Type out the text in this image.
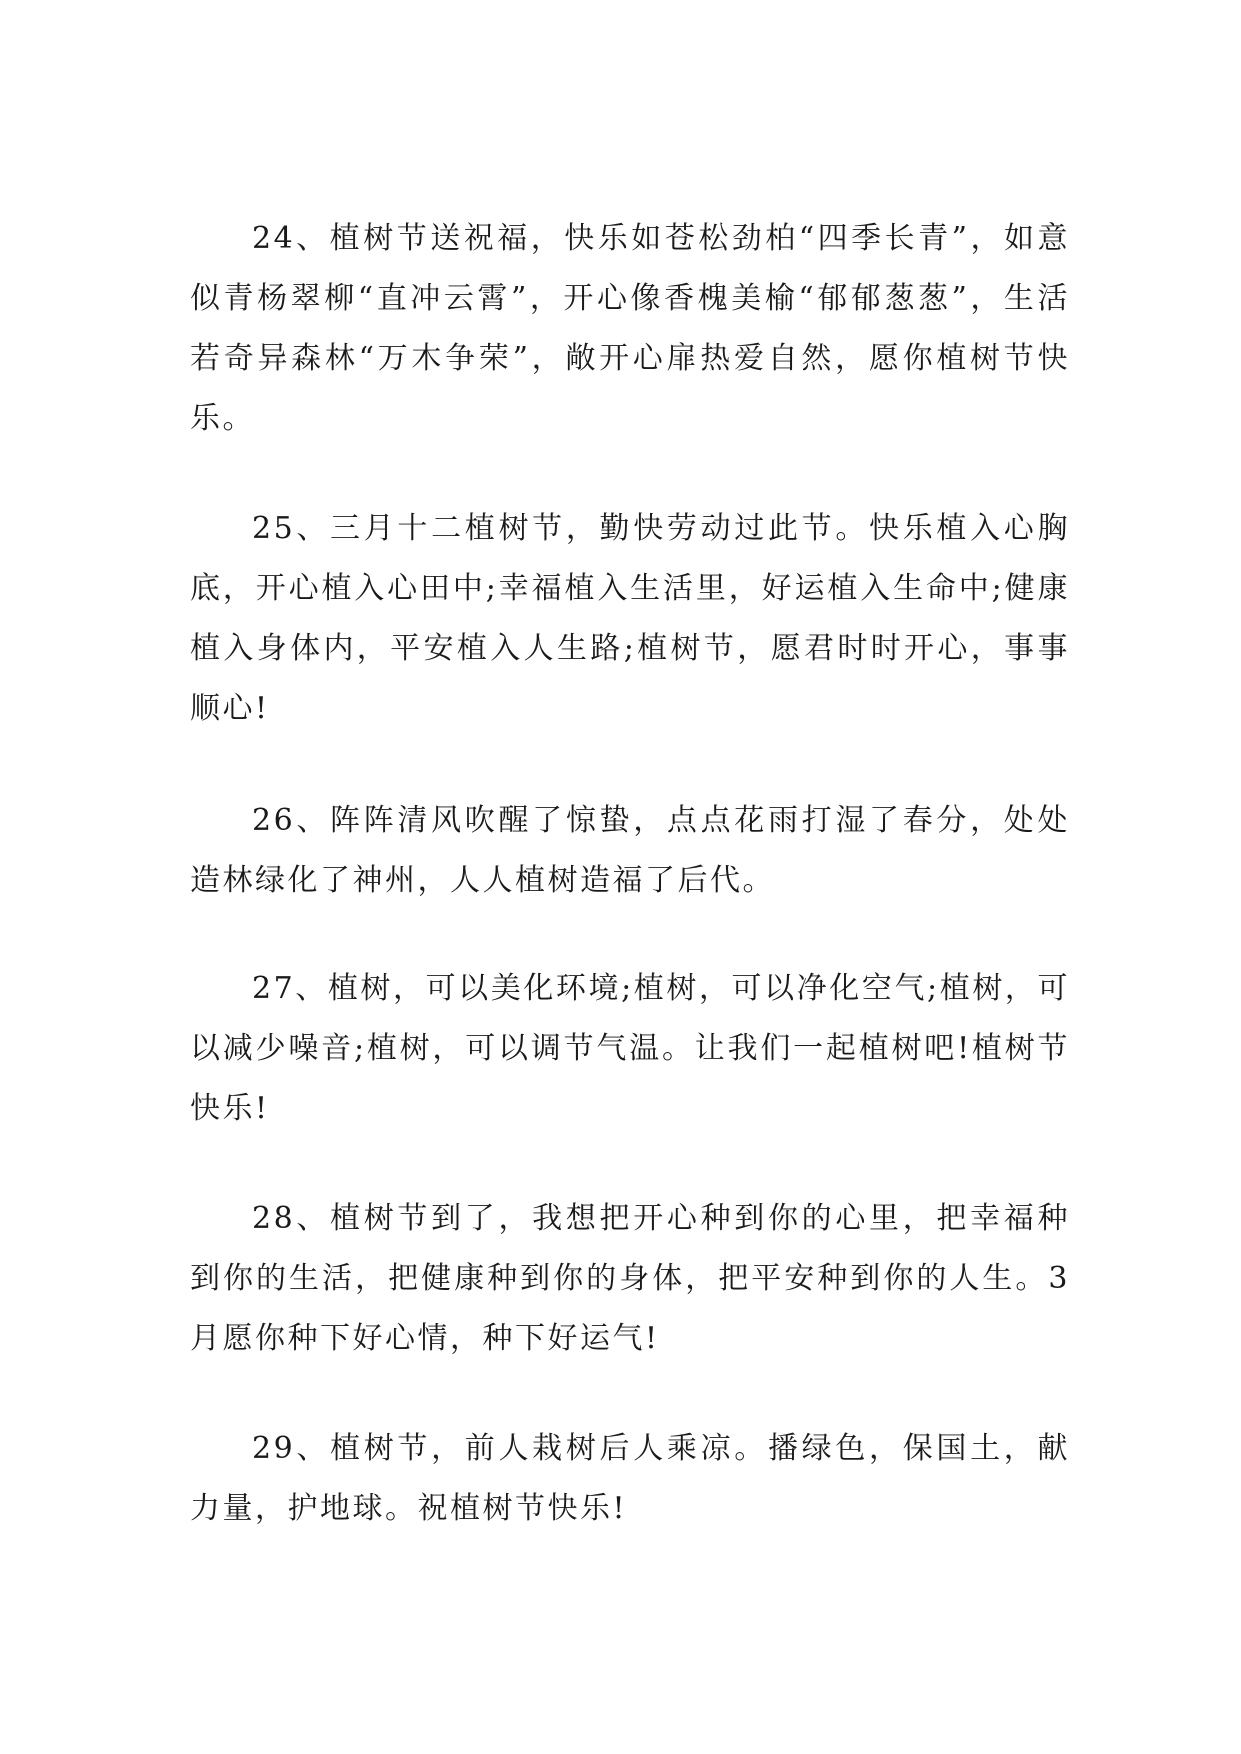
24、植树节送祝福，快乐如苍松劲柏“四季长青”，如意似青杨翠柳“直冲云霄”，开心像香槐美榆“郁郁葱葱”，生活若奇异森林“万木争荣”，敞开心扉热爱自然，愿你植树节快乐。

25、三月十二植树节，勤快劳动过此节。快乐植入心胸底，开心植入心田中;幸福植入生活里，好运植入生命中;健康植入身体内，平安植入人生路;植树节，愿君时时开心，事事顺心!

26、阵阵清风吹醒了惊蛰，点点花雨打湿了春分，处处造林绿化了神州，人人植树造福了后代。

27、植树，可以美化环境;植树，可以净化空气;植树，可以减少噪音;植树，可以调节气温。让我们一起植树吧!植树节快乐!

28、植树节到了，我想把开心种到你的心里，把幸福种到你的生活，把健康种到你的身体，把平安种到你的人生。3月愿你种下好心情，种下好运气!

29、植树节，前人栽树后人乘凉。播绿色，保国土，献力量，护地球。祝植树节快乐!
